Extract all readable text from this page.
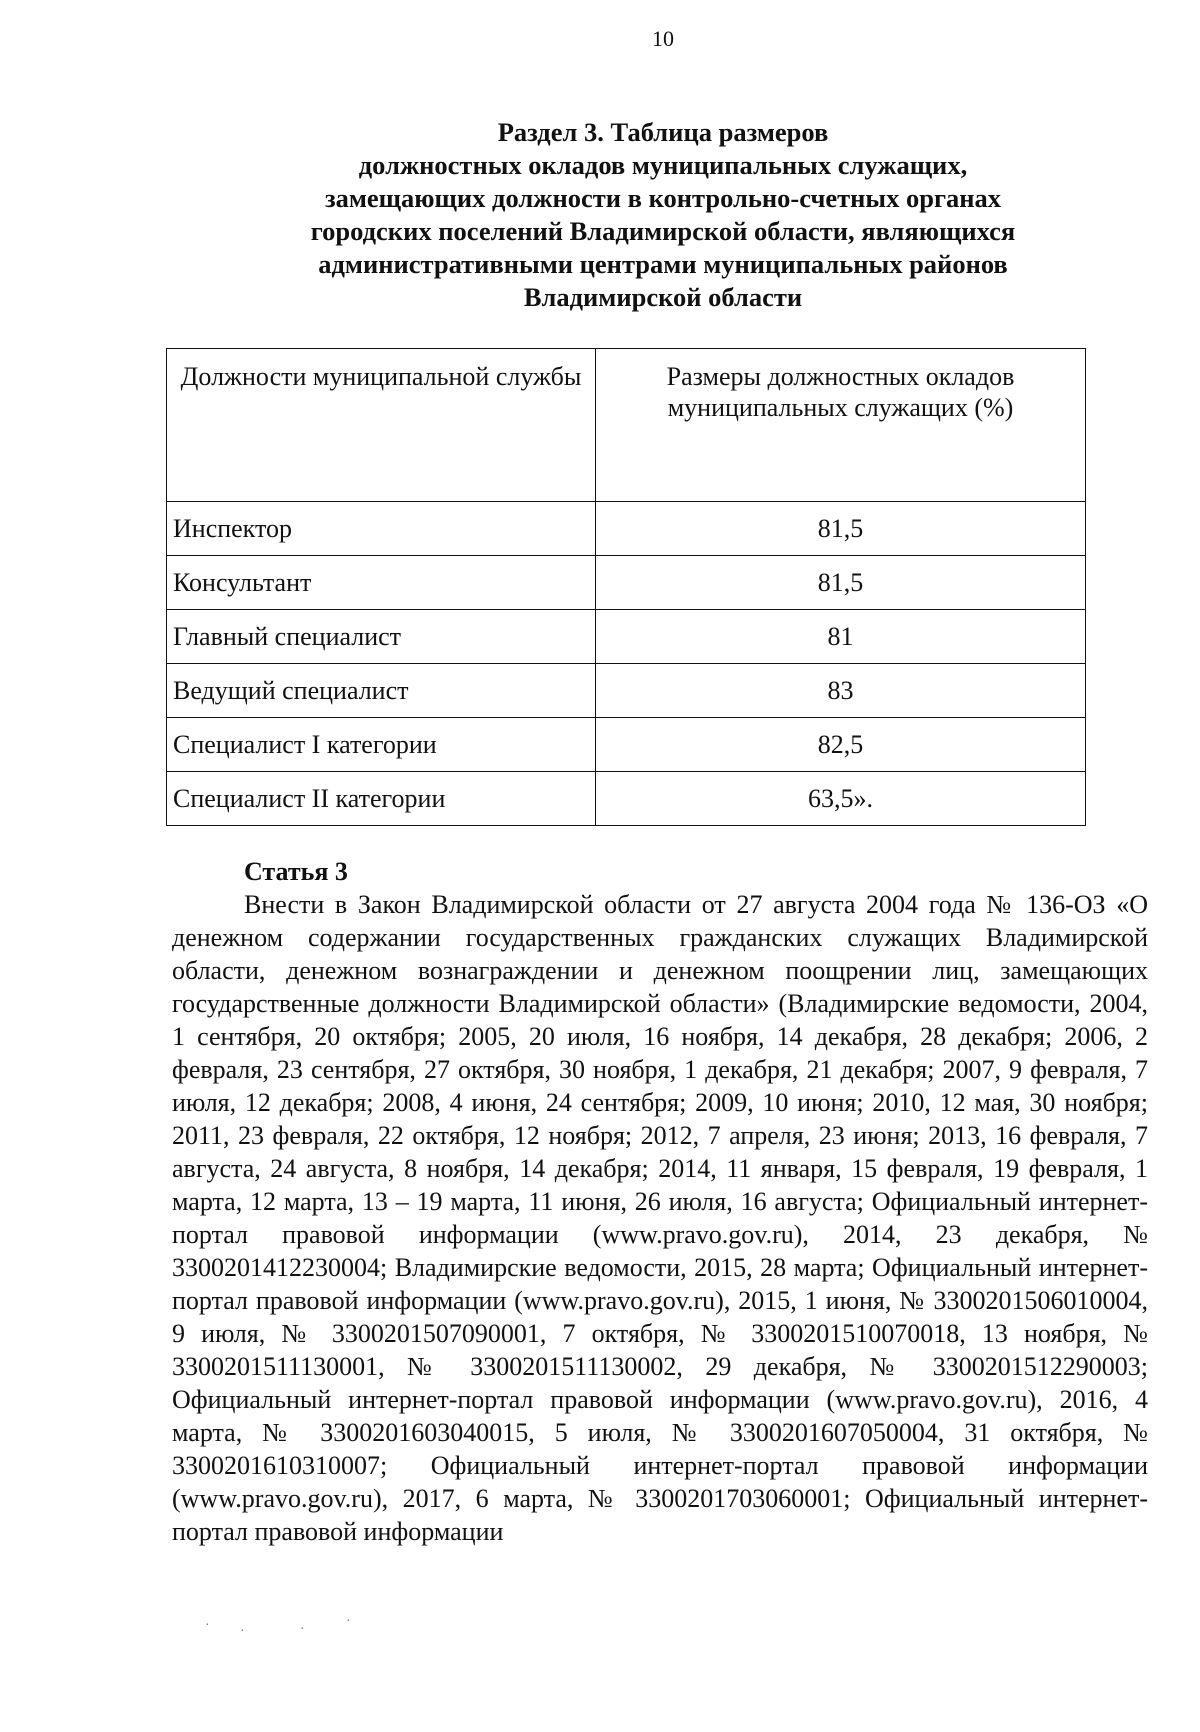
10
Раздел 3. Таблица размеров
должностных окладов муниципальных служащих,
замещающих должности в контрольно-счетных органах
городских поселений Владимирской области, являющихся
административными центрами муниципальных районов
Владимирской области
Должности муниципальной службы	Размеры должностных окладов муниципальных служащих (%)
Инспектор	81,5
Консультант	81,5
Главный специалист	81
Ведущий специалист	83
Специалист I категории	82,5
Специалист II категории	63,5».
Статья 3

Внести в Закон Владимирской области от 27 августа 2004 года № 136-ОЗ «О денежном содержании государственных гражданских служащих Владимирской области, денежном вознаграждении и денежном поощрении лиц, замещающих государственные должности Владимирской области» (Владимирские ведомости, 2004, 1 сентября, 20 октября; 2005, 20 июля, 16 ноября, 14 декабря, 28 декабря; 2006, 2 февраля, 23 сентября, 27 октября, 30 ноября, 1 декабря, 21 декабря; 2007, 9 февраля, 7 июля, 12 декабря; 2008, 4 июня, 24 сентября; 2009, 10 июня; 2010, 12 мая, 30 ноября; 2011, 23 февраля, 22 октября, 12 ноября; 2012, 7 апреля, 23 июня; 2013, 16 февраля, 7 августа, 24 августа, 8 ноября, 14 декабря; 2014, 11 января, 15 февраля, 19 февраля, 1 марта, 12 марта, 13 – 19 марта, 11 июня, 26 июля, 16 августа; Официальный интернет-портал правовой информации (www.pravo.gov.ru), 2014, 23 декабря, № 3300201412230004; Владимирские ведомости, 2015, 28 марта; Официальный интернет-портал правовой информации (www.pravo.gov.ru), 2015, 1 июня, № 3300201506010004, 9 июля, № 3300201507090001, 7 октября, № 3300201510070018, 13 ноября, № 3300201511130001, № 3300201511130002, 29 декабря, № 3300201512290003; Официальный интернет-портал правовой информации (www.pravo.gov.ru), 2016, 4 марта, № 3300201603040015, 5 июля, № 3300201607050004, 31 октября, № 3300201610310007; Официальный интернет-портал правовой информации (www.pravo.gov.ru), 2017, 6 марта, № 3300201703060001; Официальный интернет-портал правовой информации

· ·	·
·
